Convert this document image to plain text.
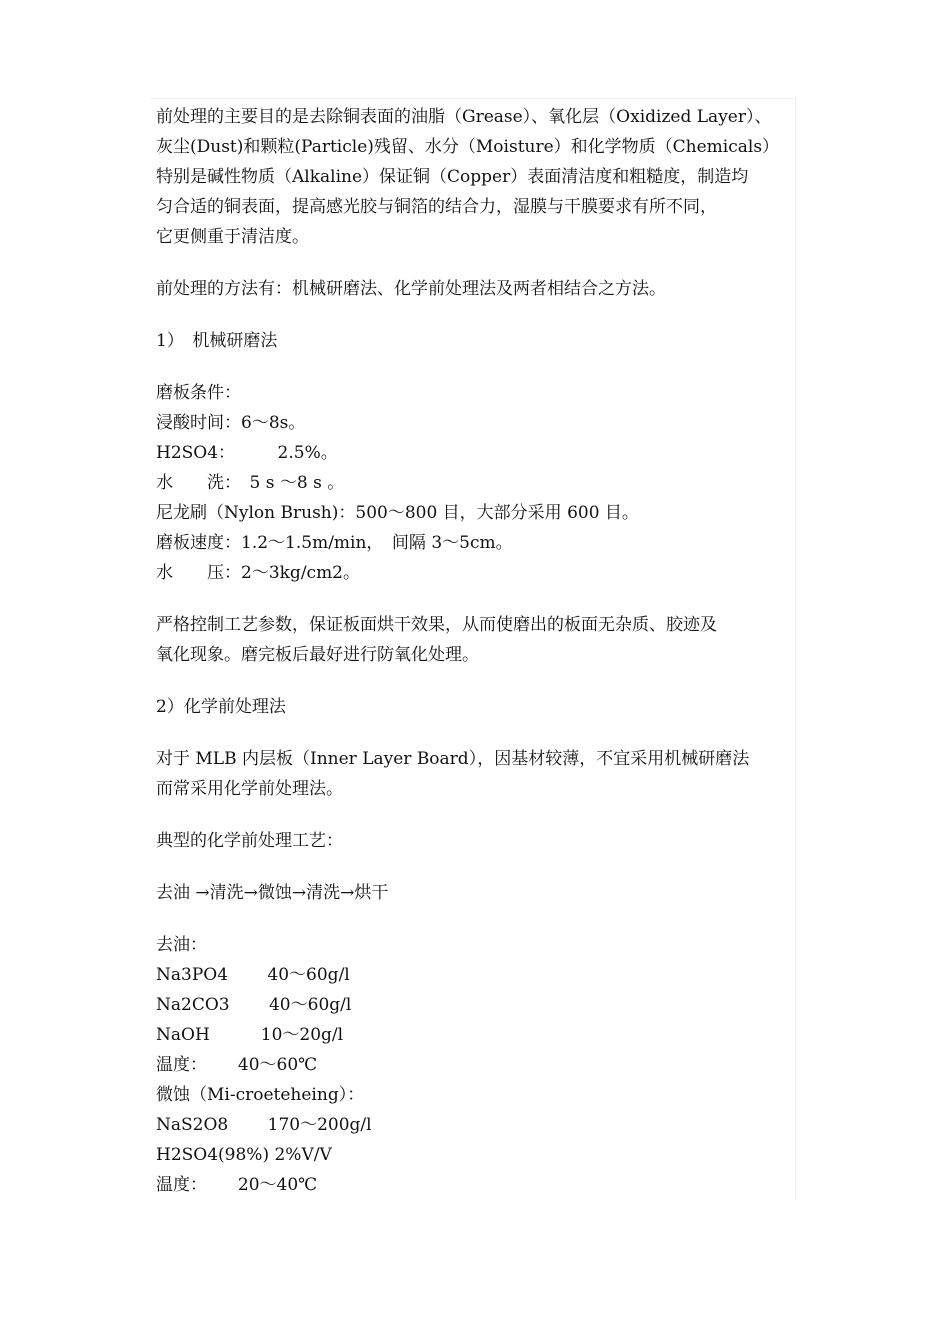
前处理的主要目的是去除铜表面的油脂（Grease）、氧化层（Oxidized Layer）、
灰尘(Dust)和颗粒(Particle)残留、水分（Moisture）和化学物质（Chemicals）
特别是碱性物质（Alkaline）保证铜（Copper）表面清洁度和粗糙度，制造均
匀合适的铜表面，提高感光胶与铜箔的结合力，湿膜与干膜要求有所不同，
它更侧重于清洁度。
前处理的方法有：机械研磨法、化学前处理法及两者相结合之方法。
1）　机械研磨法
磨板条件：
浸酸时间：6～8s。
H2SO4：　　　2.5%。
水　　洗：　5 s ～8 s 。
尼龙刷（Nylon Brush)：500～800 目，大部分采用 600 目。
磨板速度：1.2～1.5m/min，　间隔 3～5cm。
水　　压：2～3kg/cm2。
严格控制工艺参数，保证板面烘干效果，从而使磨出的板面无杂质、胶迹及
氧化现象。磨完板后最好进行防氧化处理。
2）化学前处理法
对于 MLB 内层板（Inner Layer Board），因基材较薄，不宜采用机械研磨法
而常采用化学前处理法。
典型的化学前处理工艺：
去油 →清洗→微蚀→清洗→烘干
去油：
Na3PO4　　 40～60g/l
Na2CO3　　 40～60g/l
NaOH　　　10～20g/l
温度：　　 40～60℃
微蚀（Mi-croeteheing）：
NaS2O8　　 170～200g/l
H2SO4(98%) 2%V/V
温度：　　 20～40℃
